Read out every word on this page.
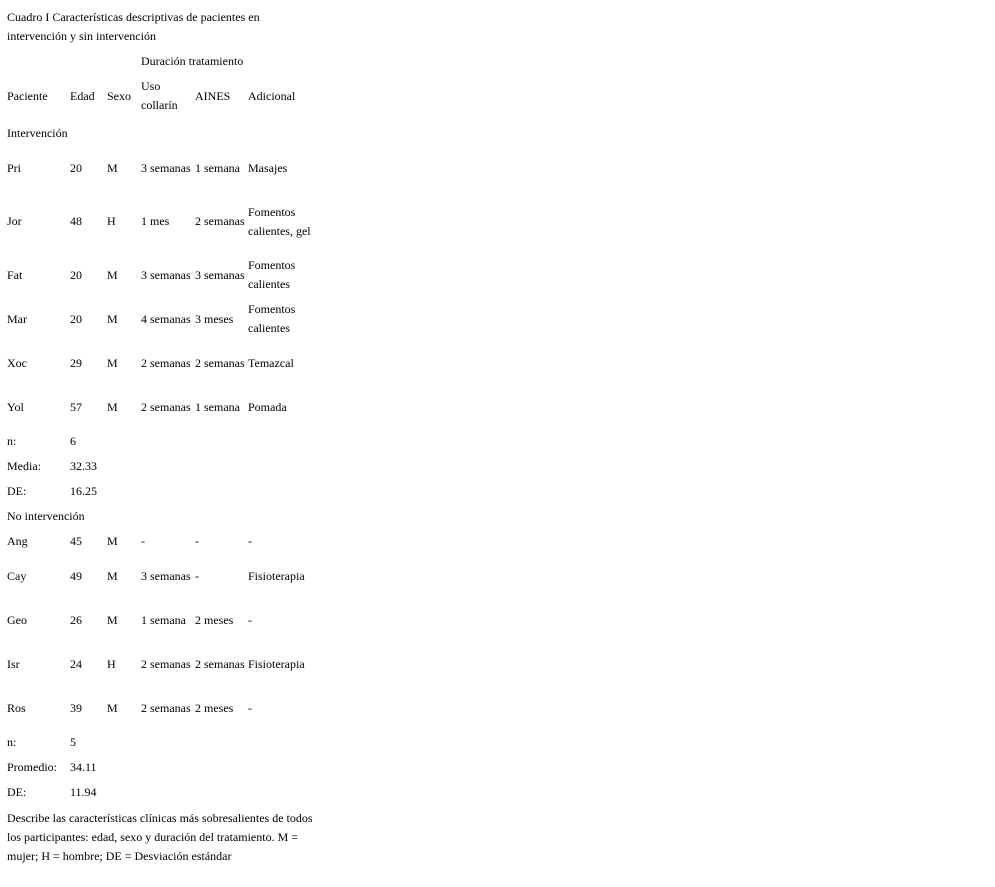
Cuadro I Características descriptivas de pacientes en intervención y sin intervención
			Duración tratamiento		
Paciente	Edad	Sexo	Uso collarín	AINES	Adicional
Intervención					
Pri	20	M	3 semanas	1 semana	Masajes
Jor	48	H	1 mes	2 semanas	Fomentos calientes, gel
Fat	20	M	3 semanas	3 semanas	Fomentos calientes
Mar	20	M	4 semanas	3 meses	Fomentos calientes
Xoc	29	M	2 semanas	2 semanas	Temazcal
Yol	57	M	2 semanas	1 semana	Pomada
n:	6				
Media:	32.33				
DE:	16.25				
No intervención					
Ang	45	M	-	-	-
Cay	49	M	3 semanas	-	Fisioterapia
Geo	26	M	1 semana	2 meses	-
Isr	24	H	2 semanas	2 semanas	Fisioterapia
Ros	39	M	2 semanas	2 meses	-
n:	5				
Promedio:	34.11				
DE:	11.94				
Describe las características clínicas más sobresalientes de todos los participantes: edad, sexo y duración del tratamiento. M = mujer; H = hombre; DE = Desviación estándar
